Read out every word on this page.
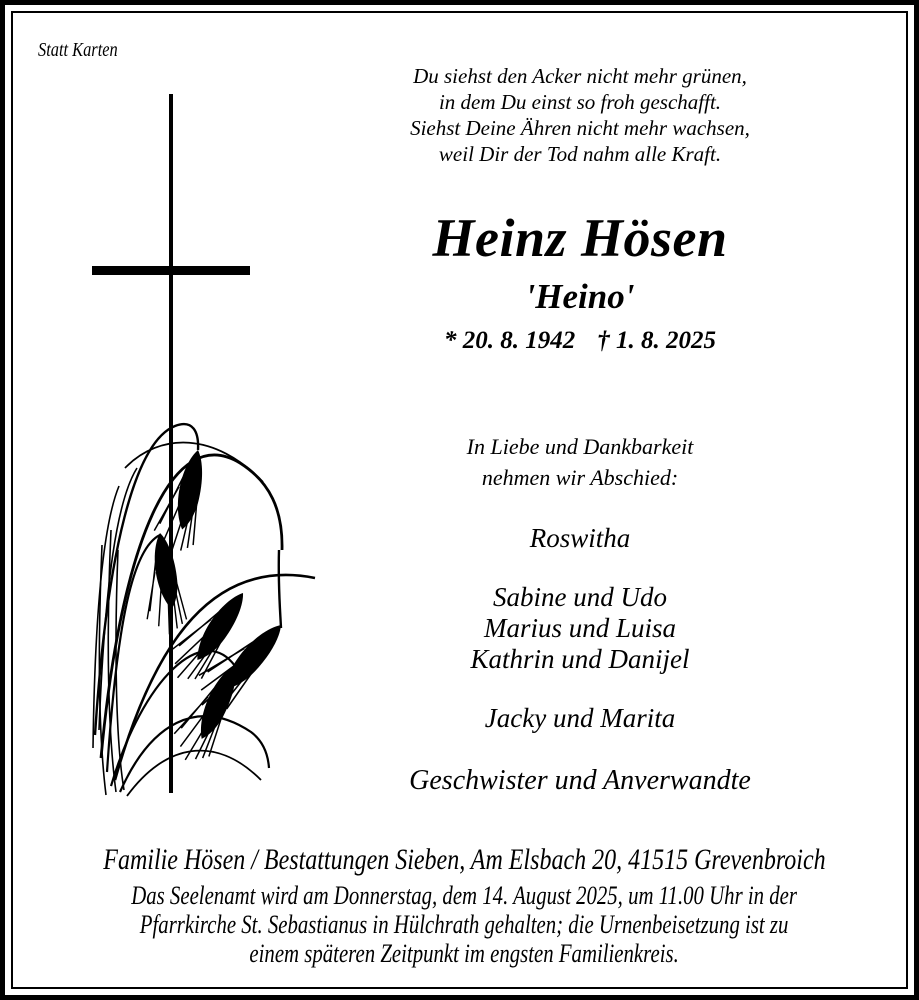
Statt Karten
Du siehst den Acker nicht mehr grünen,
in dem Du einst so froh geschafft.
Siehst Deine Ähren nicht mehr wachsen,
weil Dir der Tod nahm alle Kraft.
Heinz Hösen
'Heino'
* 20. 8. 1942 † 1. 8. 2025
In Liebe und Dankbarkeit
nehmen wir Abschied:
Roswitha
Sabine und Udo
Marius und Luisa
Kathrin und Danijel
Jacky und Marita
Geschwister und Anverwandte
Familie Hösen / Bestattungen Sieben, Am Elsbach 20, 41515 Grevenbroich
Das Seelenamt wird am Donnerstag, dem 14. August 2025, um 11.00 Uhr in der
Pfarrkirche St. Sebastianus in Hülchrath gehalten; die Urnenbeisetzung ist zu
einem späteren Zeitpunkt im engsten Familienkreis.
